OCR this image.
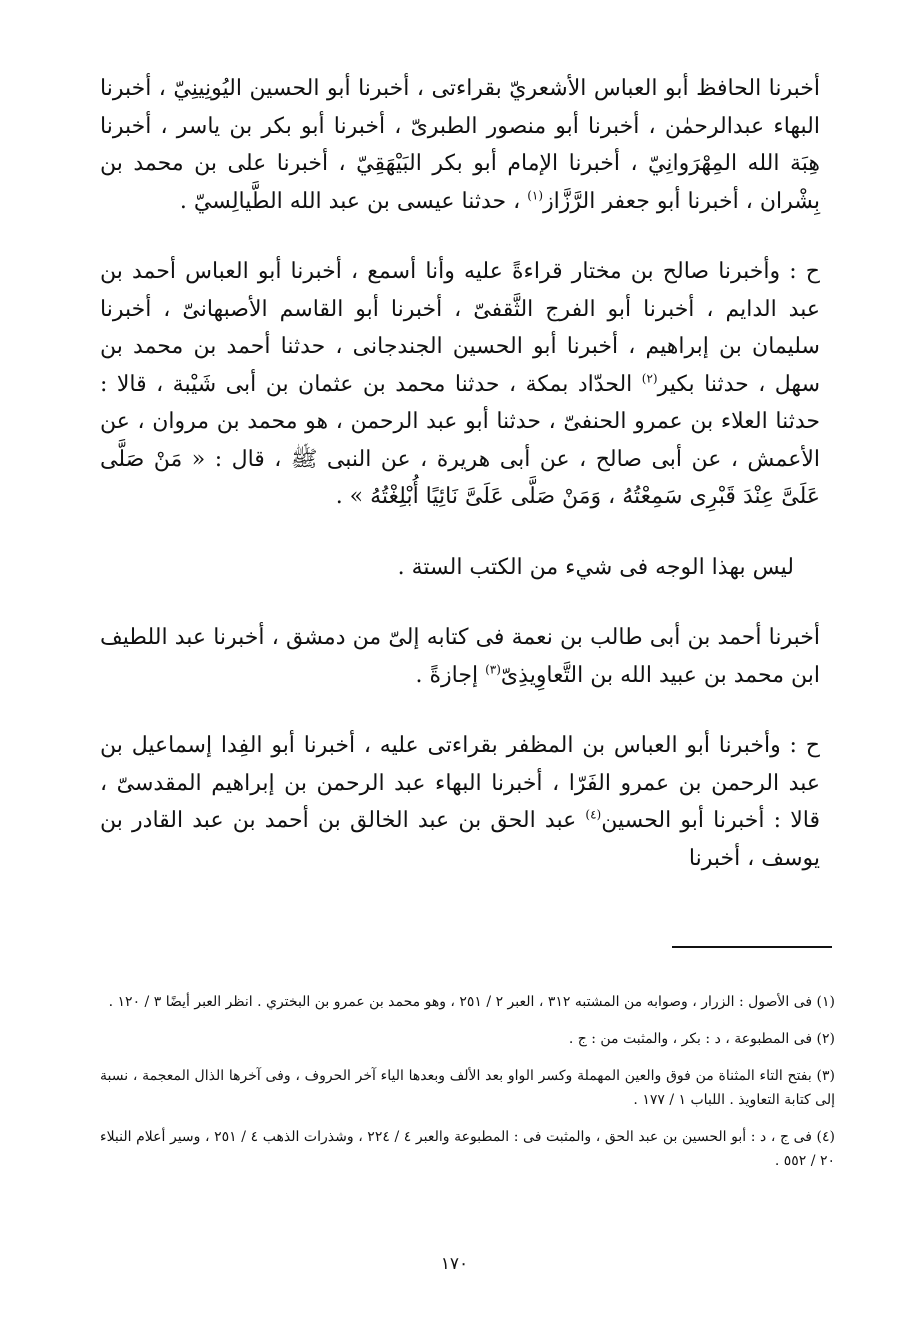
أخبرنا الحافظ أبو العباس الأشعريّ بقراءتى ، أخبرنا أبو الحسين اليُونِينِيّ ، أخبرنا البهاء عبدالرحمٰن ، أخبرنا أبو منصور الطبرىّ ، أخبرنا أبو بكر بن ياسر ، أخبرنا هِبَة الله المِهْرَوانِيّ ، أخبرنا الإمام أبو بكر البَيْهَقِيّ ، أخبرنا على بن محمد بن بِشْران ، أخبرنا أبو جعفر الرَّزَّاز$^{(١)}$ ، حدثنا عيسى بن عبد الله الطَّيالِسيّ .

ح : وأخبرنا صالح بن مختار قراءةً عليه وأنا أسمع ، أخبرنا أبو العباس أحمد بن عبد الدايم ، أخبرنا أبو الفرج الثَّقفىّ ، أخبرنا أبو القاسم الأصبهانىّ ، أخبرنا سليمان بن إبراهيم ، أخبرنا أبو الحسين الجندجانى ، حدثنا أحمد بن محمد بن سهل ، حدثنا بكير$^{(٢)}$ الحدّاد بمكة ، حدثنا محمد بن عثمان بن أبى شَيْبة ، قالا : حدثنا العلاء بن عمرو الحنفىّ ، حدثنا أبو عبد الرحمن ، هو محمد بن مروان ، عن الأعمش ، عن أبى صالح ، عن أبى هريرة ، عن النبى ﷺ ، قال : « مَنْ صَلَّى عَلَىَّ عِنْدَ قَبْرِى سَمِعْتُهُ ، وَمَنْ صَلَّى عَلَىَّ نَائِيًا أُبْلِغْتُهُ » .

ليس بهذا الوجه فى شيء من الكتب الستة .

أخبرنا أحمد بن أبى طالب بن نعمة فى كتابه إلىّ من دمشق ، أخبرنا عبد اللطيف ابن محمد بن عبيد الله بن التَّعاوِيذِىّ$^{(٣)}$ إجازةً .

ح : وأخبرنا أبو العباس بن المظفر بقراءتى عليه ، أخبرنا أبو الفِدا إسماعيل بن عبد الرحمن بن عمرو الفَرّا ، أخبرنا البهاء عبد الرحمن بن إبراهيم المقدسىّ ، قالا : أخبرنا أبو الحسين$^{(٤)}$ عبد الحق بن عبد الخالق بن أحمد بن عبد القادر بن يوسف ، أخبرنا

(١) فى الأصول : الزرار ، وصوابه من المشتبه ٣١٢ ، العبر ٢ / ٢٥١ ، وهو محمد بن عمرو بن البختري . انظر العبر أيضًا ٣ / ١٢٠ .

(٢) فى المطبوعة ، د : بكر ، والمثبت من : ج .

(٣) بفتح التاء المثناة من فوق والعين المهملة وكسر الواو بعد الألف وبعدها الياء آخر الحروف ، وفى آخرها الذال المعجمة ، نسبة إلى كتابة التعاويذ . اللباب ١ / ١٧٧ .

(٤) فى ج ، د : أبو الحسين بن عبد الحق ، والمثبت فى : المطبوعة والعبر ٤ / ٢٢٤ ، وشذرات الذهب ٤ / ٢٥١ ، وسير أعلام النبلاء ٢٠ / ٥٥٢ .

١٧٠
